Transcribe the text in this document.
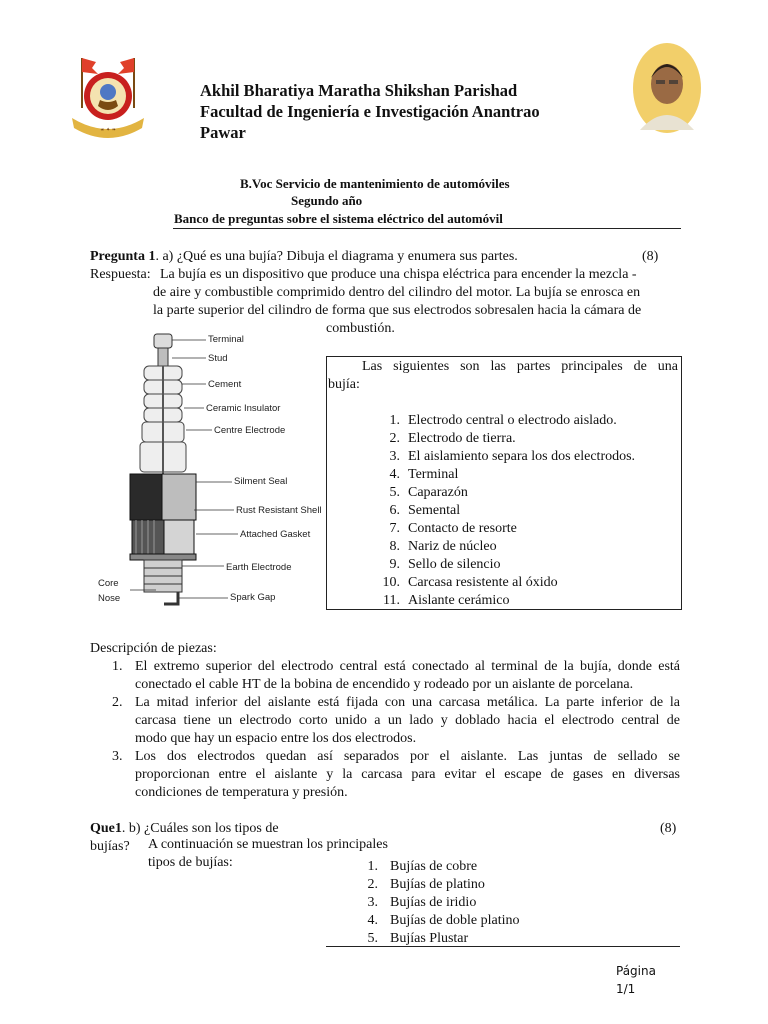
☙ ✦ ❧
Akhil Bharatiya Maratha Shikshan Parishad
Facultad de Ingeniería e Investigación Anantrao
Pawar
B.Voc Servicio de mantenimiento de automóviles
Segundo año
Banco de preguntas sobre el sistema eléctrico del automóvil
Pregunta 1. a) ¿Qué es una bujía? Dibuja el diagrama y enumera sus partes.	(8)
Respuesta: La bujía es un dispositivo que produce una chispa eléctrica para encender la mezcla -
de aire y combustible comprimido dentro del cilindro del motor. La bujía se enrosca en
la parte superior del cilindro de forma que sus electrodos sobresalen hacia la cámara de
combustión.
Terminal
Stud
Cement
Ceramic Insulator
Centre Electrode
Silment Seal
Rust Resistant Shell
Attached Gasket
Earth Electrode
Core
Nose	Spark Gap
Las siguientes son las partes principales de una
bujía:
1. Electrodo central o electrodo aislado.
2. Electrodo de tierra.
3. El aislamiento separa los dos electrodos.
4. Terminal
5. Caparazón
6. Semental
7. Contacto de resorte
8. Nariz de núcleo
9. Sello de silencio
10. Carcasa resistente al óxido
11. Aislante cerámico
Descripción de piezas:
1. El extremo superior del electrodo central está conectado al terminal de la bujía, donde está
conectado el cable HT de la bobina de encendido y rodeado por un aislante de porcelana.
2. La mitad inferior del aislante está fijada con una carcasa metálica. La parte inferior de la
carcasa tiene un electrodo corto unido a un lado y doblado hacia el electrodo central de
modo que hay un espacio entre los dos electrodos.
3. Los dos electrodos quedan así separados por el aislante. Las juntas de sellado se
proporcionan entre el aislante y la carcasa para evitar el escape de gases en diversas
condiciones de temperatura y presión.
Que1. b) ¿Cuáles son los tipos de	(8)
bujías? A continuación se muestran los principales
tipos de bujías:	1. Bujías de cobre
2. Bujías de platino
3. Bujías de iridio
4. Bujías de doble platino
5. Bujías Plustar
Página
1/1
